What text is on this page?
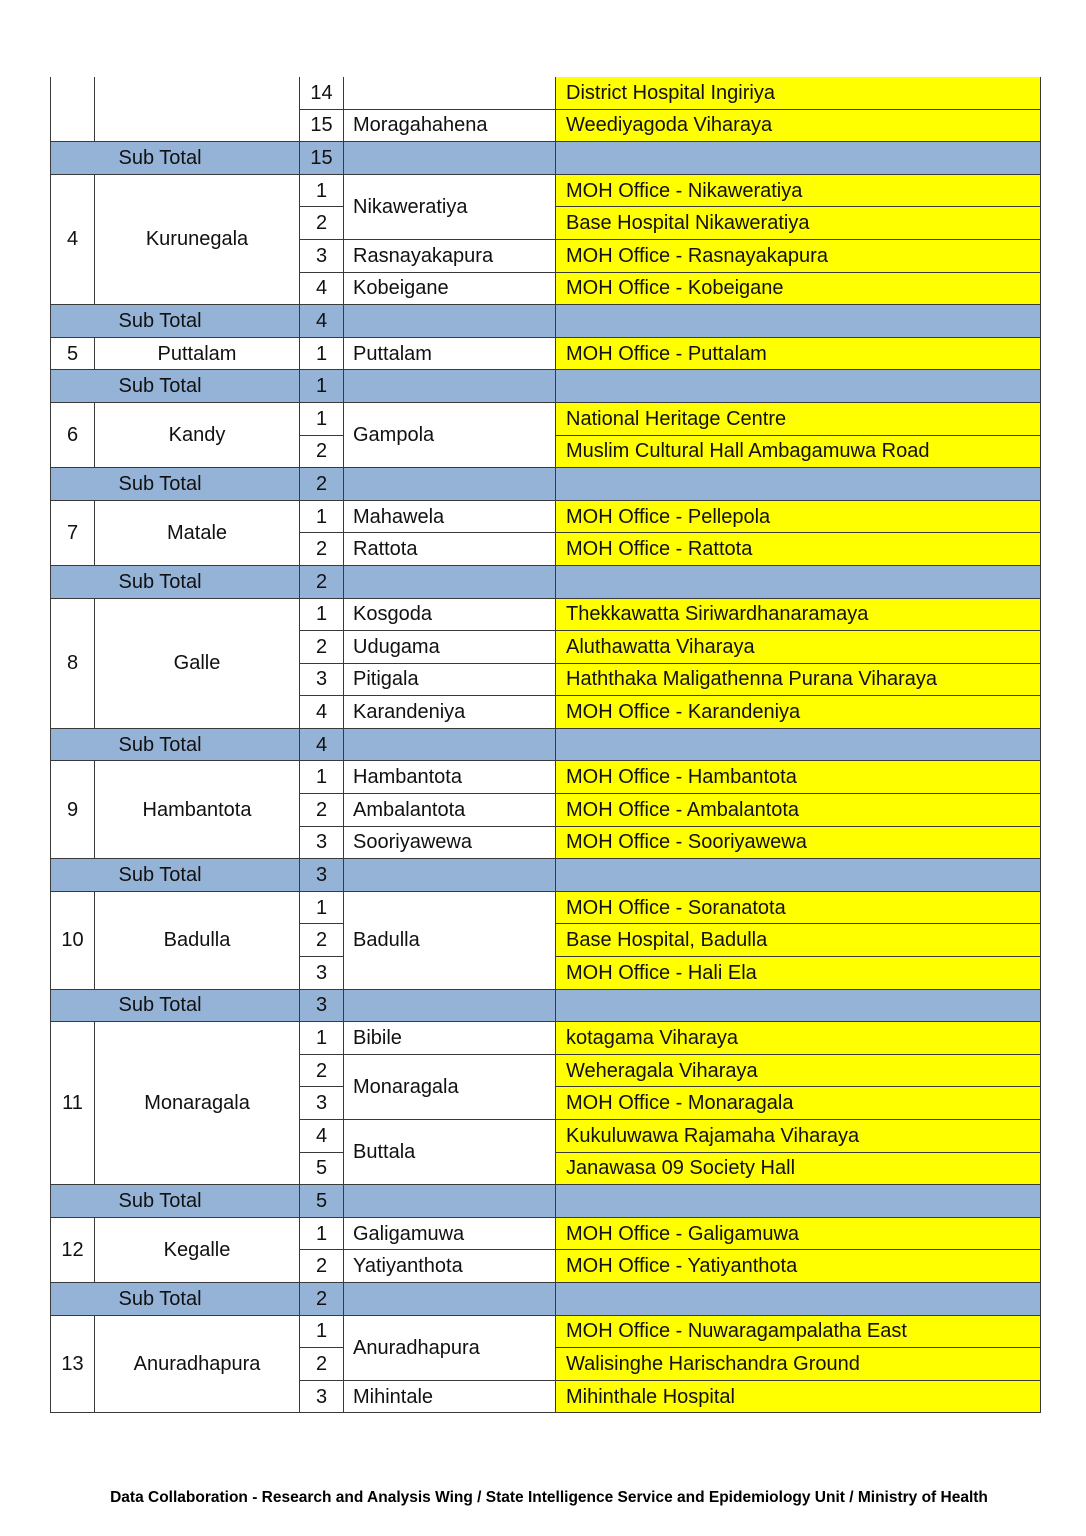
		14		District Hospital Ingiriya
		15	Moragahahena	Weediyagoda Viharaya
Sub Total		15		
4	Kurunegala	1	Nikaweratiya	MOH Office - Nikaweratiya
		2		Base Hospital Nikaweratiya
		3	Rasnayakapura	MOH Office - Rasnayakapura
		4	Kobeigane	MOH Office - Kobeigane
Sub Total		4		
5	Puttalam	1	Puttalam	MOH Office - Puttalam
Sub Total		1		
6	Kandy	1	Gampola	National Heritage Centre
		2		Muslim Cultural Hall Ambagamuwa Road
Sub Total		2		
7	Matale	1	Mahawela	MOH Office - Pellepola
		2	Rattota	MOH Office - Rattota
Sub Total		2		
8	Galle	1	Kosgoda	Thekkawatta Siriwardhanaramaya
		2	Udugama	Aluthawatta Viharaya
		3	Pitigala	Haththaka Maligathenna Purana Viharaya
		4	Karandeniya	MOH Office - Karandeniya
Sub Total		4		
9	Hambantota	1	Hambantota	MOH Office - Hambantota
		2	Ambalantota	MOH Office - Ambalantota
		3	Sooriyawewa	MOH Office - Sooriyawewa
Sub Total		3		
10	Badulla	1	Badulla	MOH Office - Soranatota
		2		Base Hospital, Badulla
		3		MOH Office - Hali Ela
Sub Total		3		
11	Monaragala	1	Bibile	kotagama Viharaya
		2	Monaragala	Weheragala Viharaya
		3		MOH Office - Monaragala
		4	Buttala	Kukuluwawa Rajamaha Viharaya
		5		Janawasa 09 Society Hall
Sub Total		5		
12	Kegalle	1	Galigamuwa	MOH Office - Galigamuwa
		2	Yatiyanthota	MOH Office - Yatiyanthota
Sub Total		2		
13	Anuradhapura	1	Anuradhapura	MOH Office - Nuwaragampalatha East
		2		Walisinghe Harischandra Ground
		3	Mihintale	Mihinthale Hospital
Data Collaboration - Research and Analysis Wing / State Intelligence Service and Epidemiology Unit / Ministry of Health
